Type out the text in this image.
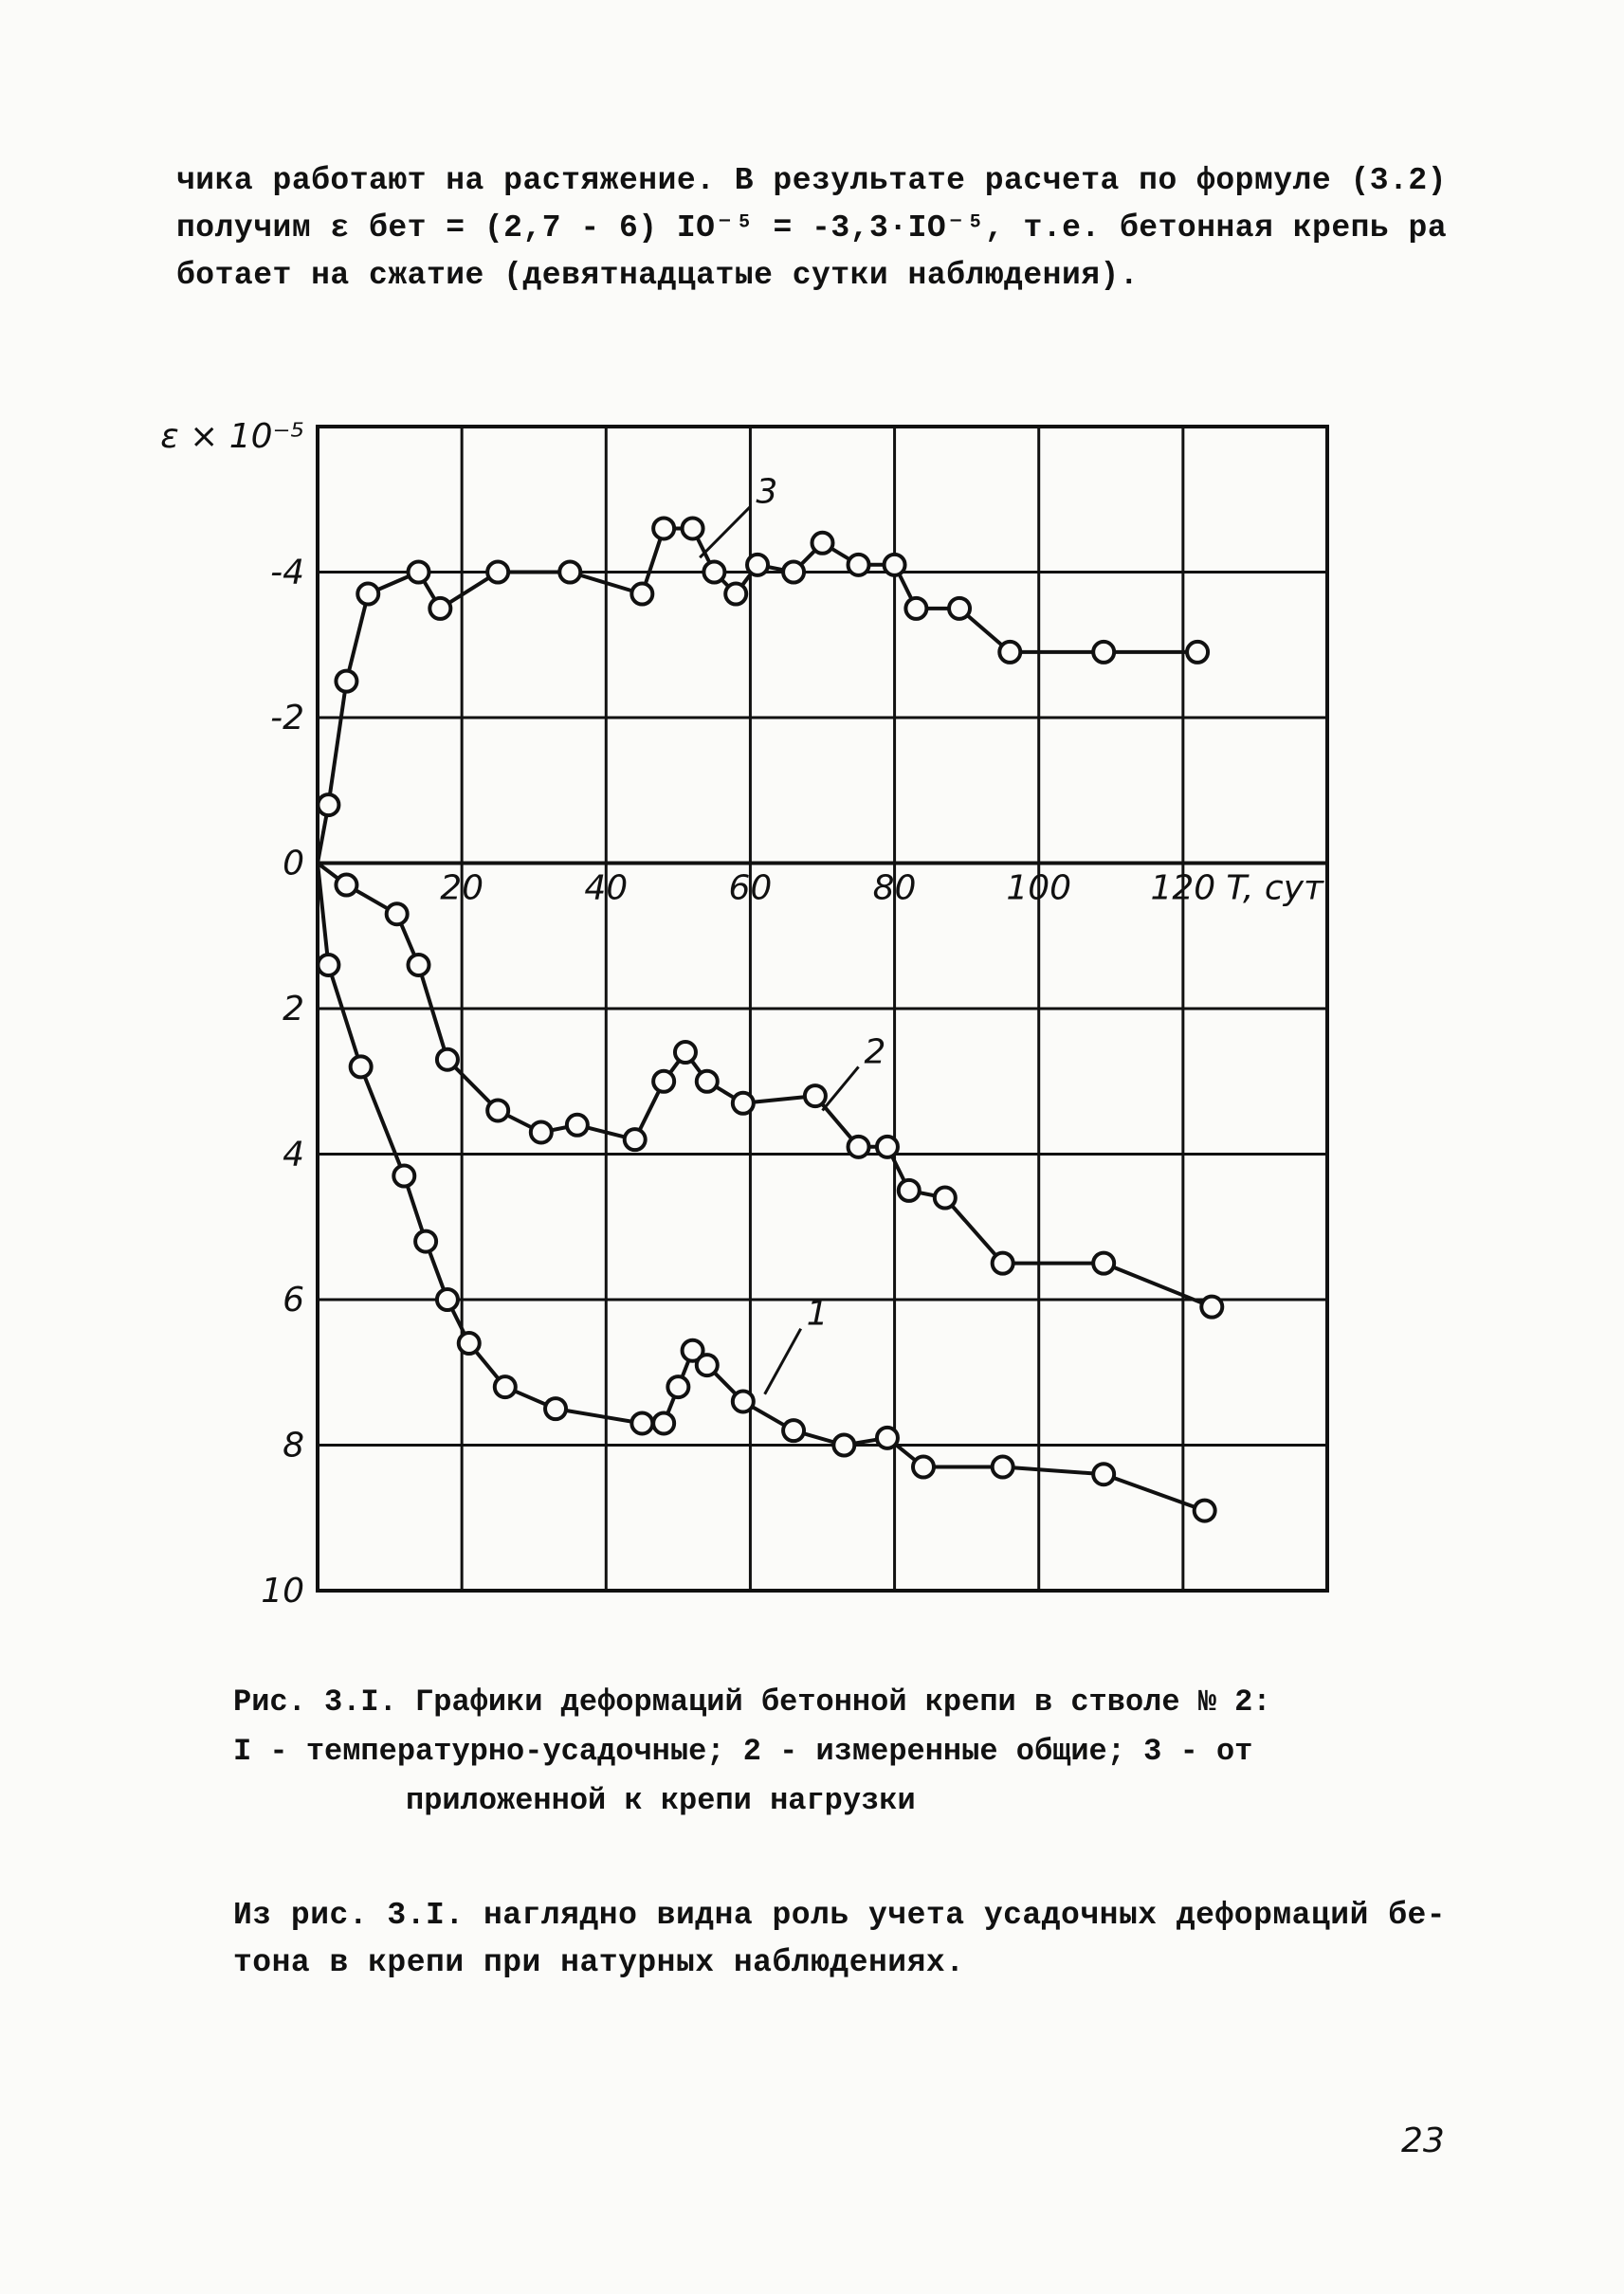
чика работают на растяжение. В результате расчета по формуле (3.2)
получим ε бет = (2,7 - 6) IO⁻⁵ = -3,3·IO⁻⁵, т.е. бетонная крепь ра
ботает на сжатие (девятнадцатые сутки наблюдения).
-4
-2
0
2
4
6
8
10
20	40	60	80	100 120 T, сут
ε × 10⁻⁵
1
2
3
Рис. 3.I. Графики деформаций бетонной крепи в стволе № 2:
I - температурно-усадочные; 2 - измеренные общие; 3 - от
приложенной к крепи нагрузки
Из рис. 3.I. наглядно видна роль учета усадочных деформаций бе-
тона в крепи при натурных наблюдениях.
23
